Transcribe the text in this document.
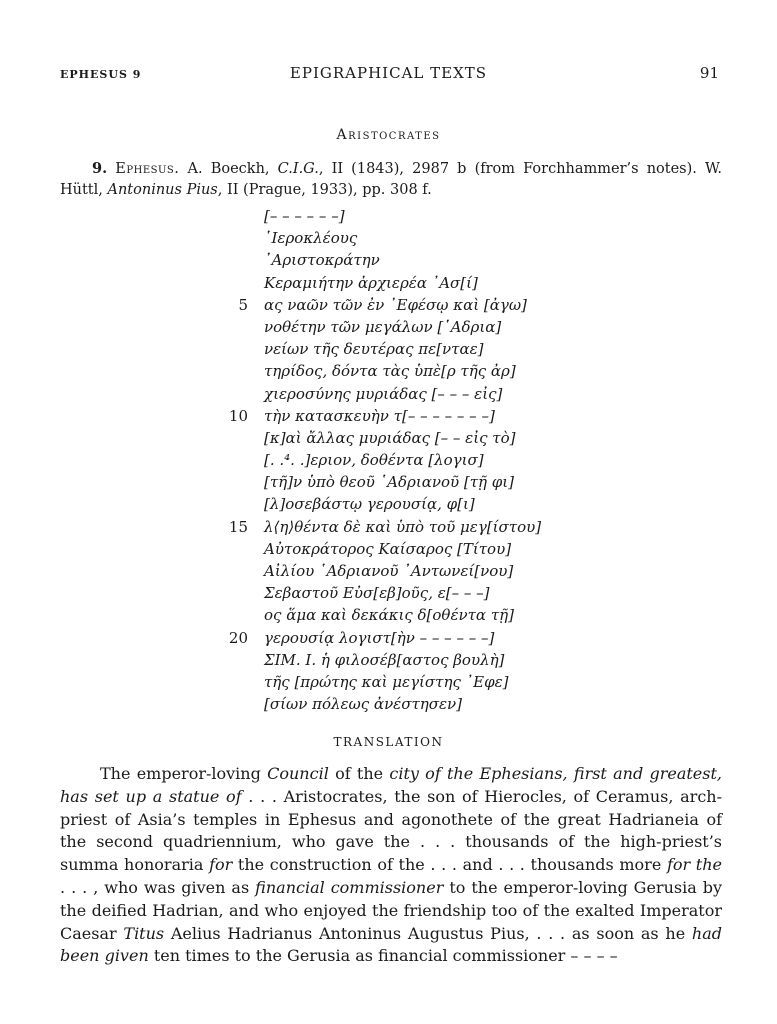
EPHESUS 9	EPIGRAPHICAL TEXTS	91
Aristocrates
9. Ephesus. A. Boeckh, C.I.G., II (1843), 2987 b (from Forchhammer’s notes). W. Hüttl, Antoninus Pius, II (Prague, 1933), pp. 308 f.
[– – – – – –]
῾Ιεροκλέους
᾽Αριστοκράτην
Κεραμιήτην ἀρχιερέα ᾽Ασ[ί]
5 ας ναῶν τῶν ἐν ᾽Εφέσῳ καὶ [ἀγω]
νοθέτην τῶν μεγάλων [῾Αδρια]
νείων τῆς δευτέρας πε[νταε]
τηρίδος, δόντα τὰς ὑπὲ[ρ τῆς ἀρ]
χιεροσύνης μυριάδας [– – – εἰς]
10 τὴν κατασκευὴν τ[– – – – – – –]
[κ]αὶ ἄλλας μυριάδας [– – εἰς τὸ]
[. .⁴. .]εριον, δοθέντα [λογισ]
[τῆ]ν ὑπὸ θεοῦ ῾Αδριανοῦ [τῇ φι]
[λ]οσεβάστῳ γερουσίᾳ, φ[ι]
15 λ⟨η⟩θέντα δὲ καὶ ὑπὸ τοῦ μεγ[ίστου]
Αὐτοκράτορος Καίσαρος [Τίτου]
Αἰλίου ῾Αδριανοῦ ᾽Αντωνεί[νου]
Σεβαστοῦ Εὐσ[εβ]οῦς, ε[– – –]
ος ἅμα καὶ δεκάκις δ[οθέντα τῇ]
20 γερουσίᾳ λογιστ[ὴν – – – – – –]
ΣΙΜ. Ι. ἡ φιλοσέβ[αστος βουλὴ]
τῆς [πρώτης καὶ μεγίστης ᾽Εφε]
[σίων πόλεως ἀνέστησεν]
TRANSLATION

The emperor-loving Council of the city of the Ephesians, first and greatest, has set up a statue of . . . Aristocrates, the son of Hierocles, of Ceramus, arch-priest of Asia’s temples in Ephesus and agonothete of the great Hadrianeia of the second quadriennium, who gave the . . . thousands of the high-priest’s summa honoraria for the construction of the . . . and . . . thousands more for the . . . , who was given as financial commissioner to the emperor-loving Gerusia by the deified Hadrian, and who enjoyed the friendship too of the exalted Imperator Caesar Titus Aelius Hadrianus Antoninus Augustus Pius, . . . as soon as he had been given ten times to the Gerusia as financial commissioner – – – –
